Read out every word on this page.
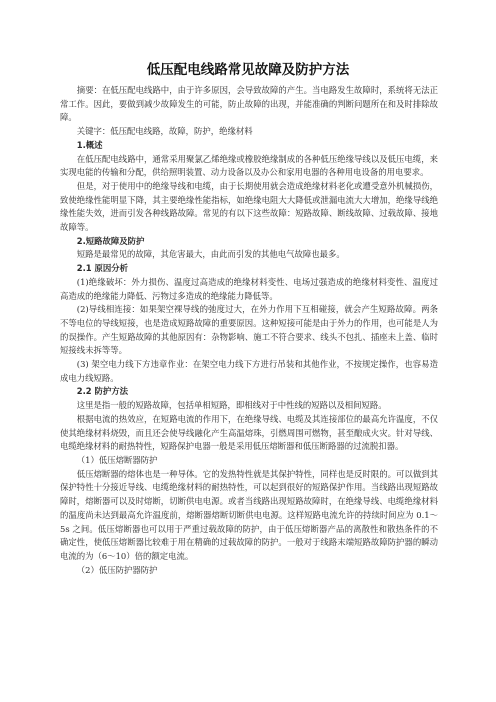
低压配电线路常见故障及防护方法

摘要：在低压配电线路中，由于许多原因，会导致故障的产生。当电路发生故障时，系统将无法正常工作。因此，要做到减少故障发生的可能，防止故障的出现，并能准确的判断问题所在和及时排除故障。

关键字：低压配电线路，故障，防护，绝缘材料

1.概述

在低压配电线路中，通常采用聚氯乙烯绝缘或橡胶绝缘制成的各种低压绝缘导线以及低压电缆，来实现电能的传输和分配，供给照明装置、动力设备以及办公和家用电器的各种用电设备的用电要求。

但是，对于使用中的绝缘导线和电缆，由于长期使用就会造成绝缘材料老化或遭受意外机械损伤，致使绝缘性能明显下降，其主要绝缘性能指标，如绝缘电阻大大降低或泄漏电流大大增加，绝缘导线绝缘性能失效，进而引发各种线路故障。常见的有以下这些故障：短路故障、断线故障、过载故障、接地故障等。

2.短路故障及防护

短路是最常见的故障，其危害最大，由此而引发的其他电气故障也最多。

2.1 原因分析

(1)绝缘破坏：外力损伤、温度过高造成的绝缘材料变性、电场过强造成的绝缘材料变性、温度过高造成的绝缘能力降低、污物过多造成的绝缘能力降低等。

(2)导线相连接：如果架空裸导线的弛度过大，在外力作用下互相碰接，就会产生短路故障。两条不等电位的导线短接，也是造成短路故障的重要原因。这种短接可能是由于外力的作用，也可能是人为的误操作。产生短路故障的其他原因有：杂物影响、施工不符合要求、线头不包扎、插座未上盖、临时短接线未拆等等。

(3) 架空电力线下方违章作业：在架空电力线下方进行吊装和其他作业，不按规定操作，也容易造成电力线短路。

2.2 防护方法

这里是指一般的短路故障，包括单相短路，即相线对于中性线的短路以及相间短路。

根据电流的热效应，在短路电流的作用下，在绝缘导线、电缆及其连接部位的最高允许温度，不仅使其绝缘材料烧毁，而且还会使导线融化产生高温熔珠，引燃周围可燃物，甚至酿成火灾。针对导线、电缆绝缘材料的耐热特性，短路保护电器一般是采用低压熔断器和低压断路器的过流脱扣器。

（1）低压熔断器防护

低压熔断器的熔体也是一种导体。它的发热特性就是其保护特性，同样也是反时限的。可以做到其保护特性十分接近导线、电缆绝缘材料的耐热特性，可以起到很好的短路保护作用。当线路出现短路故障时，熔断器可以及时熔断，切断供电电源。或者当线路出现短路故障时，在绝缘导线、电缆绝缘材料的温度尚未达到最高允许温度前，熔断器熔断切断供电电源。这样短路电流允许的持续时间应为 0.1～5s 之间。低压熔断器也可以用于严重过载故障的防护，由于低压熔断器产品的离散性和散热条件的不确定性，使低压熔断器比较难于用在精确的过载故障的防护。一般对于线路末端短路故障防护器的瞬动电流的为（6～10）倍的额定电流。

（2）低压防护器防护
